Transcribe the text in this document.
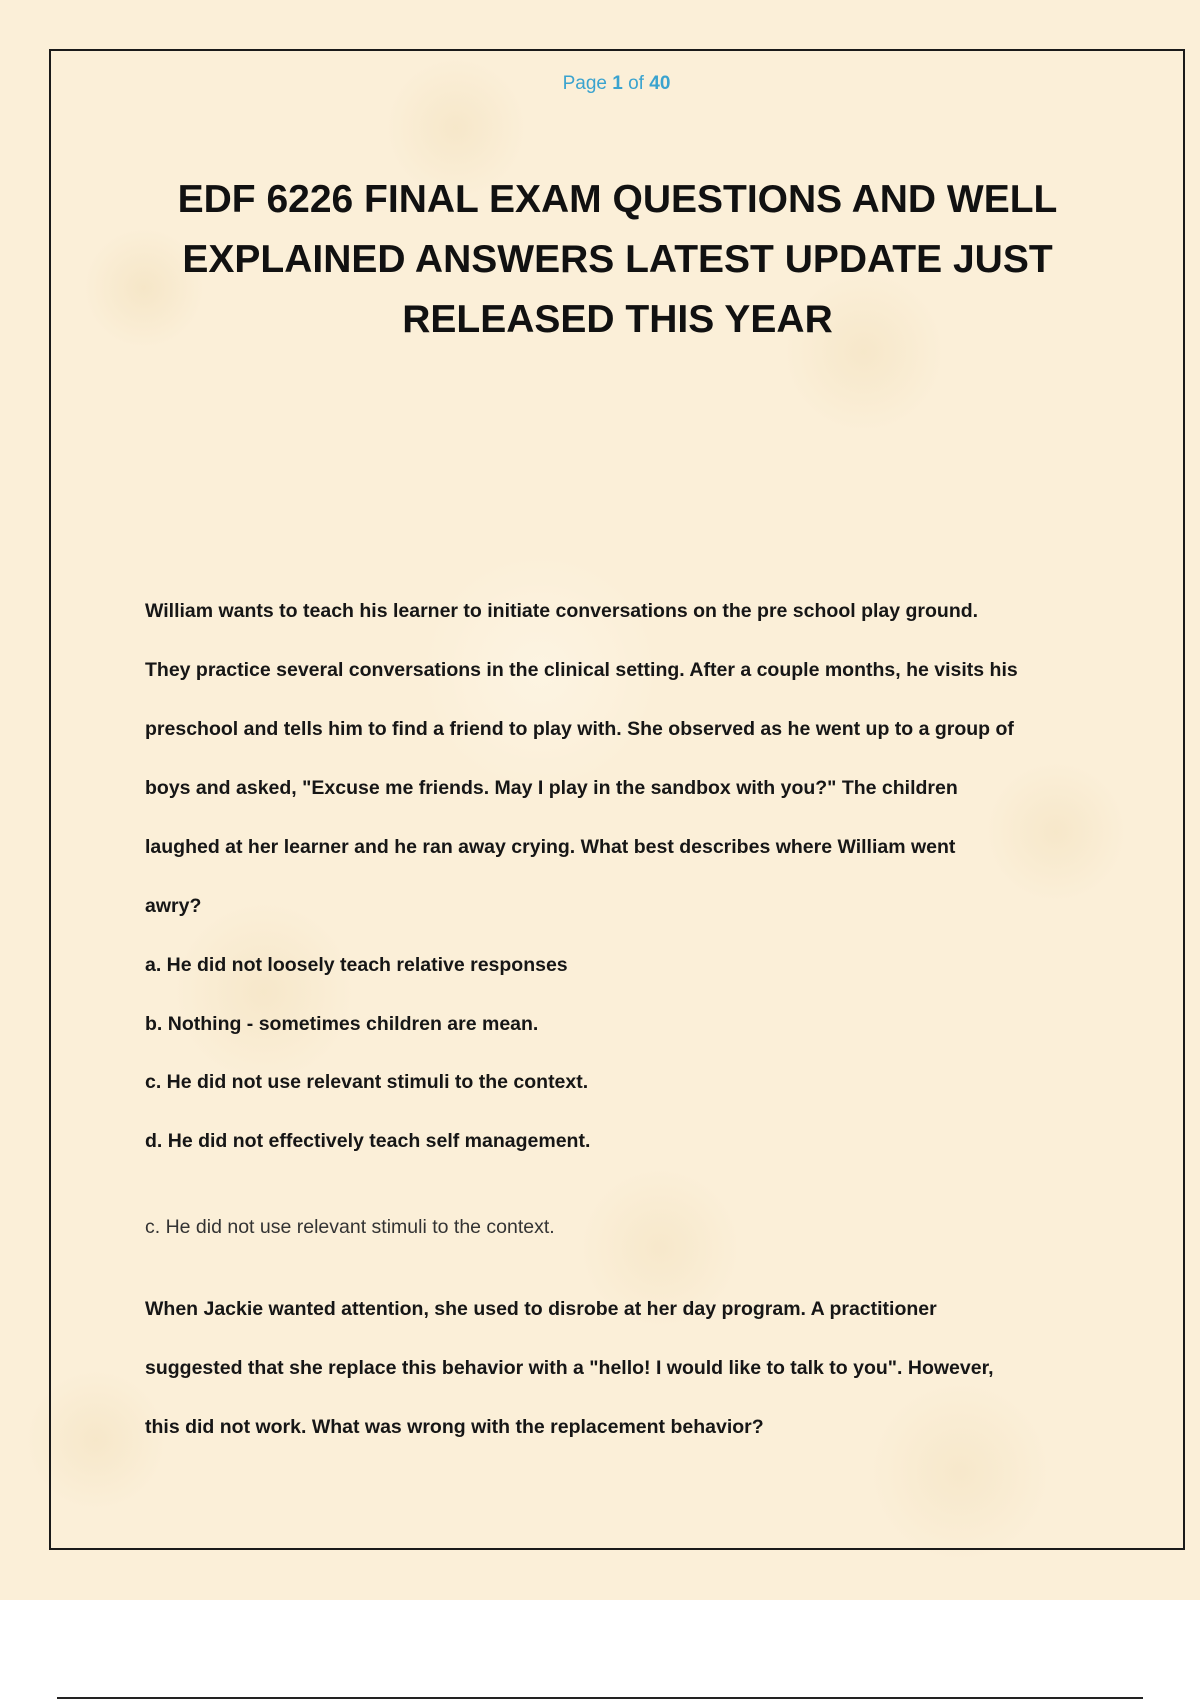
Page 1 of 40
EDF 6226 FINAL EXAM QUESTIONS AND WELL
EXPLAINED ANSWERS LATEST UPDATE JUST
RELEASED THIS YEAR
William wants to teach his learner to initiate conversations on the pre school play ground.
They practice several conversations in the clinical setting. After a couple months, he visits his
preschool and tells him to find a friend to play with. She observed as he went up to a group of
boys and asked, "Excuse me friends. May I play in the sandbox with you?" The children
laughed at her learner and he ran away crying. What best describes where William went
awry?
a. He did not loosely teach relative responses
b. Nothing - sometimes children are mean.
c. He did not use relevant stimuli to the context.
d. He did not effectively teach self management.
c. He did not use relevant stimuli to the context.
When Jackie wanted attention, she used to disrobe at her day program. A practitioner
suggested that she replace this behavior with a "hello! I would like to talk to you". However,
this did not work. What was wrong with the replacement behavior?
